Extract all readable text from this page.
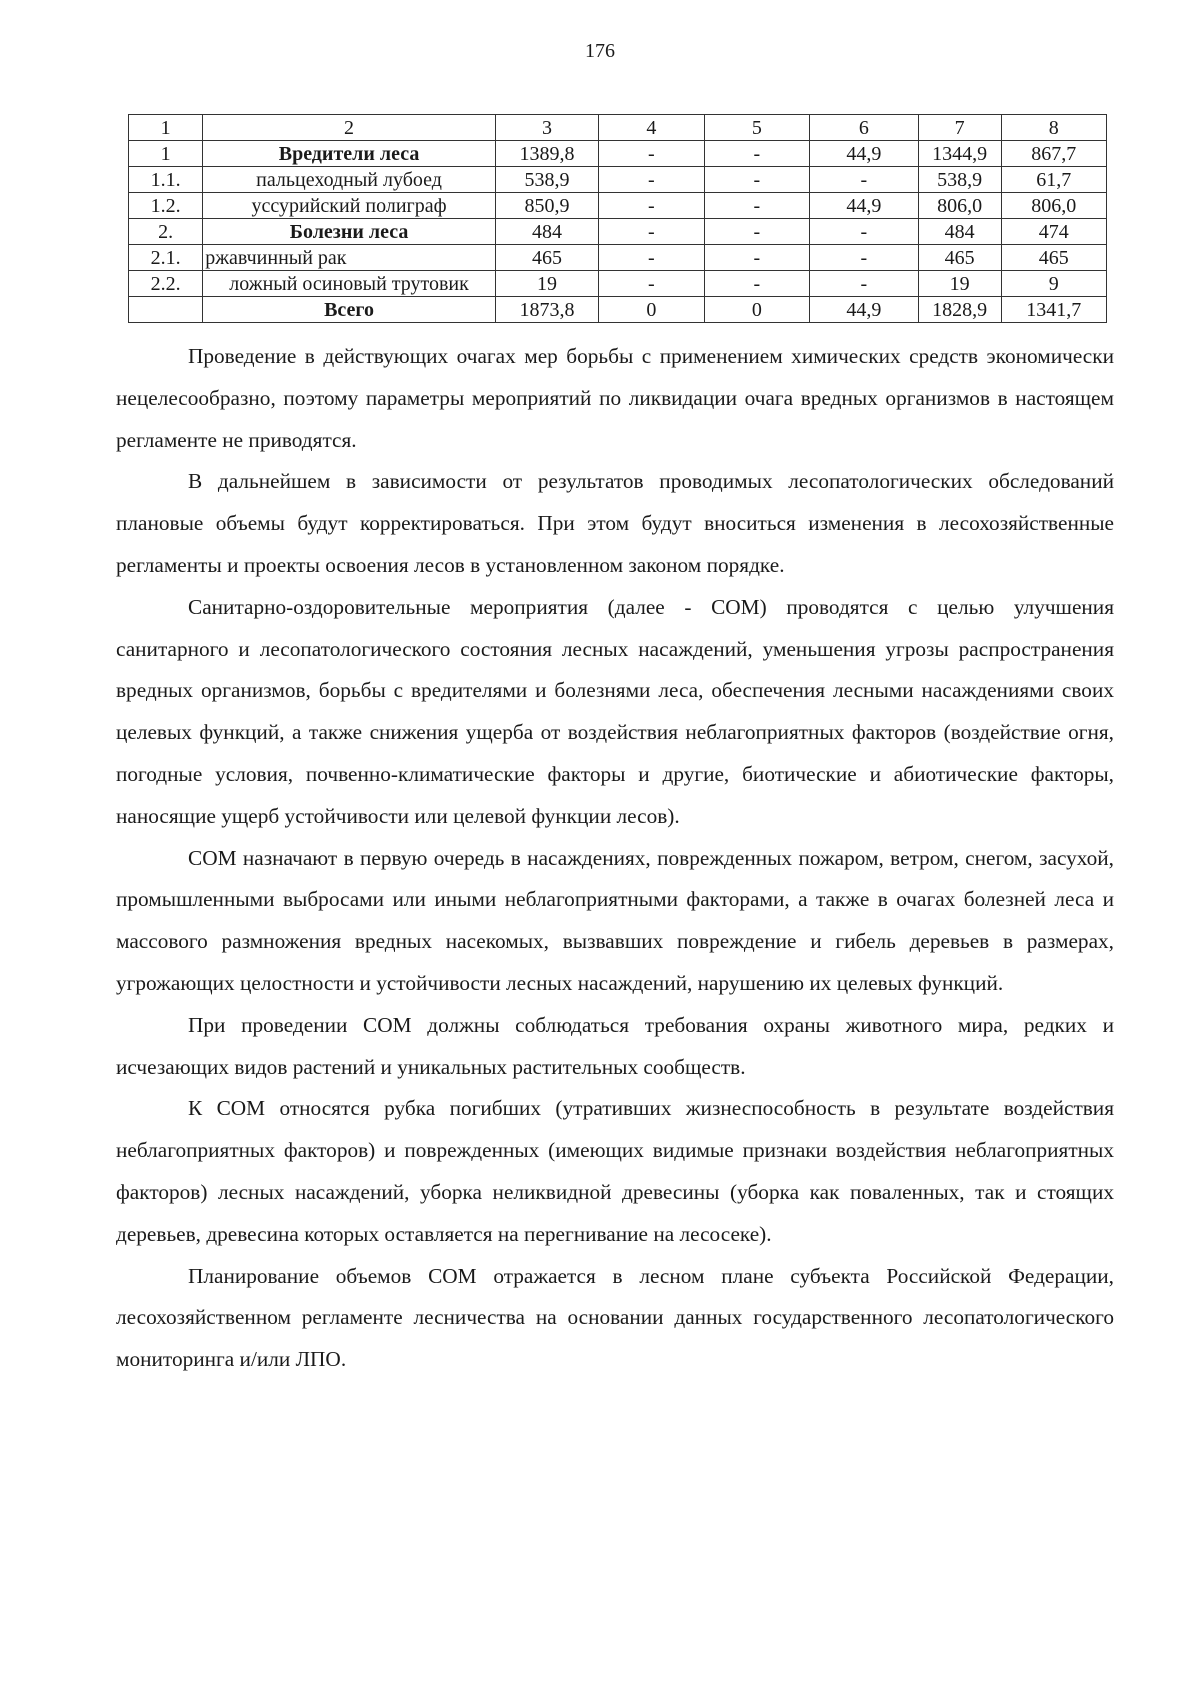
176
1	2	3	4	5	6	7	8
1	Вредители леса	1389,8	-	-	44,9	1344,9	867,7
1.1.	пальцеходный лубоед	538,9	-	-	-	538,9	61,7
1.2.	уссурийский полиграф	850,9	-	-	44,9	806,0	806,0
2.	Болезни леса	484	-	-	-	484	474
2.1.	ржавчинный рак	465	-	-	-	465	465
2.2.	ложный осиновый трутовик	19	-	-	-	19	9
	Всего	1873,8	0	0	44,9	1828,9	1341,7

Проведение в действующих очагах мер борьбы с применением химических средств экономически нецелесообразно, поэтому параметры мероприятий по ликвидации очага вредных организмов в настоящем регламенте не приводятся.

В дальнейшем в зависимости от результатов проводимых лесопатологических обследований плановые объемы будут корректироваться. При этом будут вноситься изменения в лесохозяйственные регламенты и проекты освоения лесов в установленном законом порядке.

Санитарно-оздоровительные мероприятия (далее - СОМ) проводятся с целью улучшения санитарного и лесопатологического состояния лесных насаждений, уменьшения угрозы распространения вредных организмов, борьбы с вредителями и болезнями леса, обеспечения лесными насаждениями своих целевых функций, а также снижения ущерба от воздействия неблагоприятных факторов (воздействие огня, погодные условия, почвенно-климатические факторы и другие, биотические и абиотические факторы, наносящие ущерб устойчивости или целевой функции лесов).

СОМ назначают в первую очередь в насаждениях, поврежденных пожаром, ветром, снегом, засухой, промышленными выбросами или иными неблагоприятными факторами, а также в очагах болезней леса и массового размножения вредных насекомых, вызвавших повреждение и гибель деревьев в размерах, угрожающих целостности и устойчивости лесных насаждений, нарушению их целевых функций.

При проведении СОМ должны соблюдаться требования охраны животного мира, редких и исчезающих видов растений и уникальных растительных сообществ.

К СОМ относятся рубка погибших (утративших жизнеспособность в результате воздействия неблагоприятных факторов) и поврежденных (имеющих видимые признаки воздействия неблагоприятных факторов) лесных насаждений, уборка неликвидной древесины (уборка как поваленных, так и стоящих деревьев, древесина которых оставляется на перегнивание на лесосеке).

Планирование объемов СОМ отражается в лесном плане субъекта Российской Федерации, лесохозяйственном регламенте лесничества на основании данных государственного лесопатологического мониторинга и/или ЛПО.
